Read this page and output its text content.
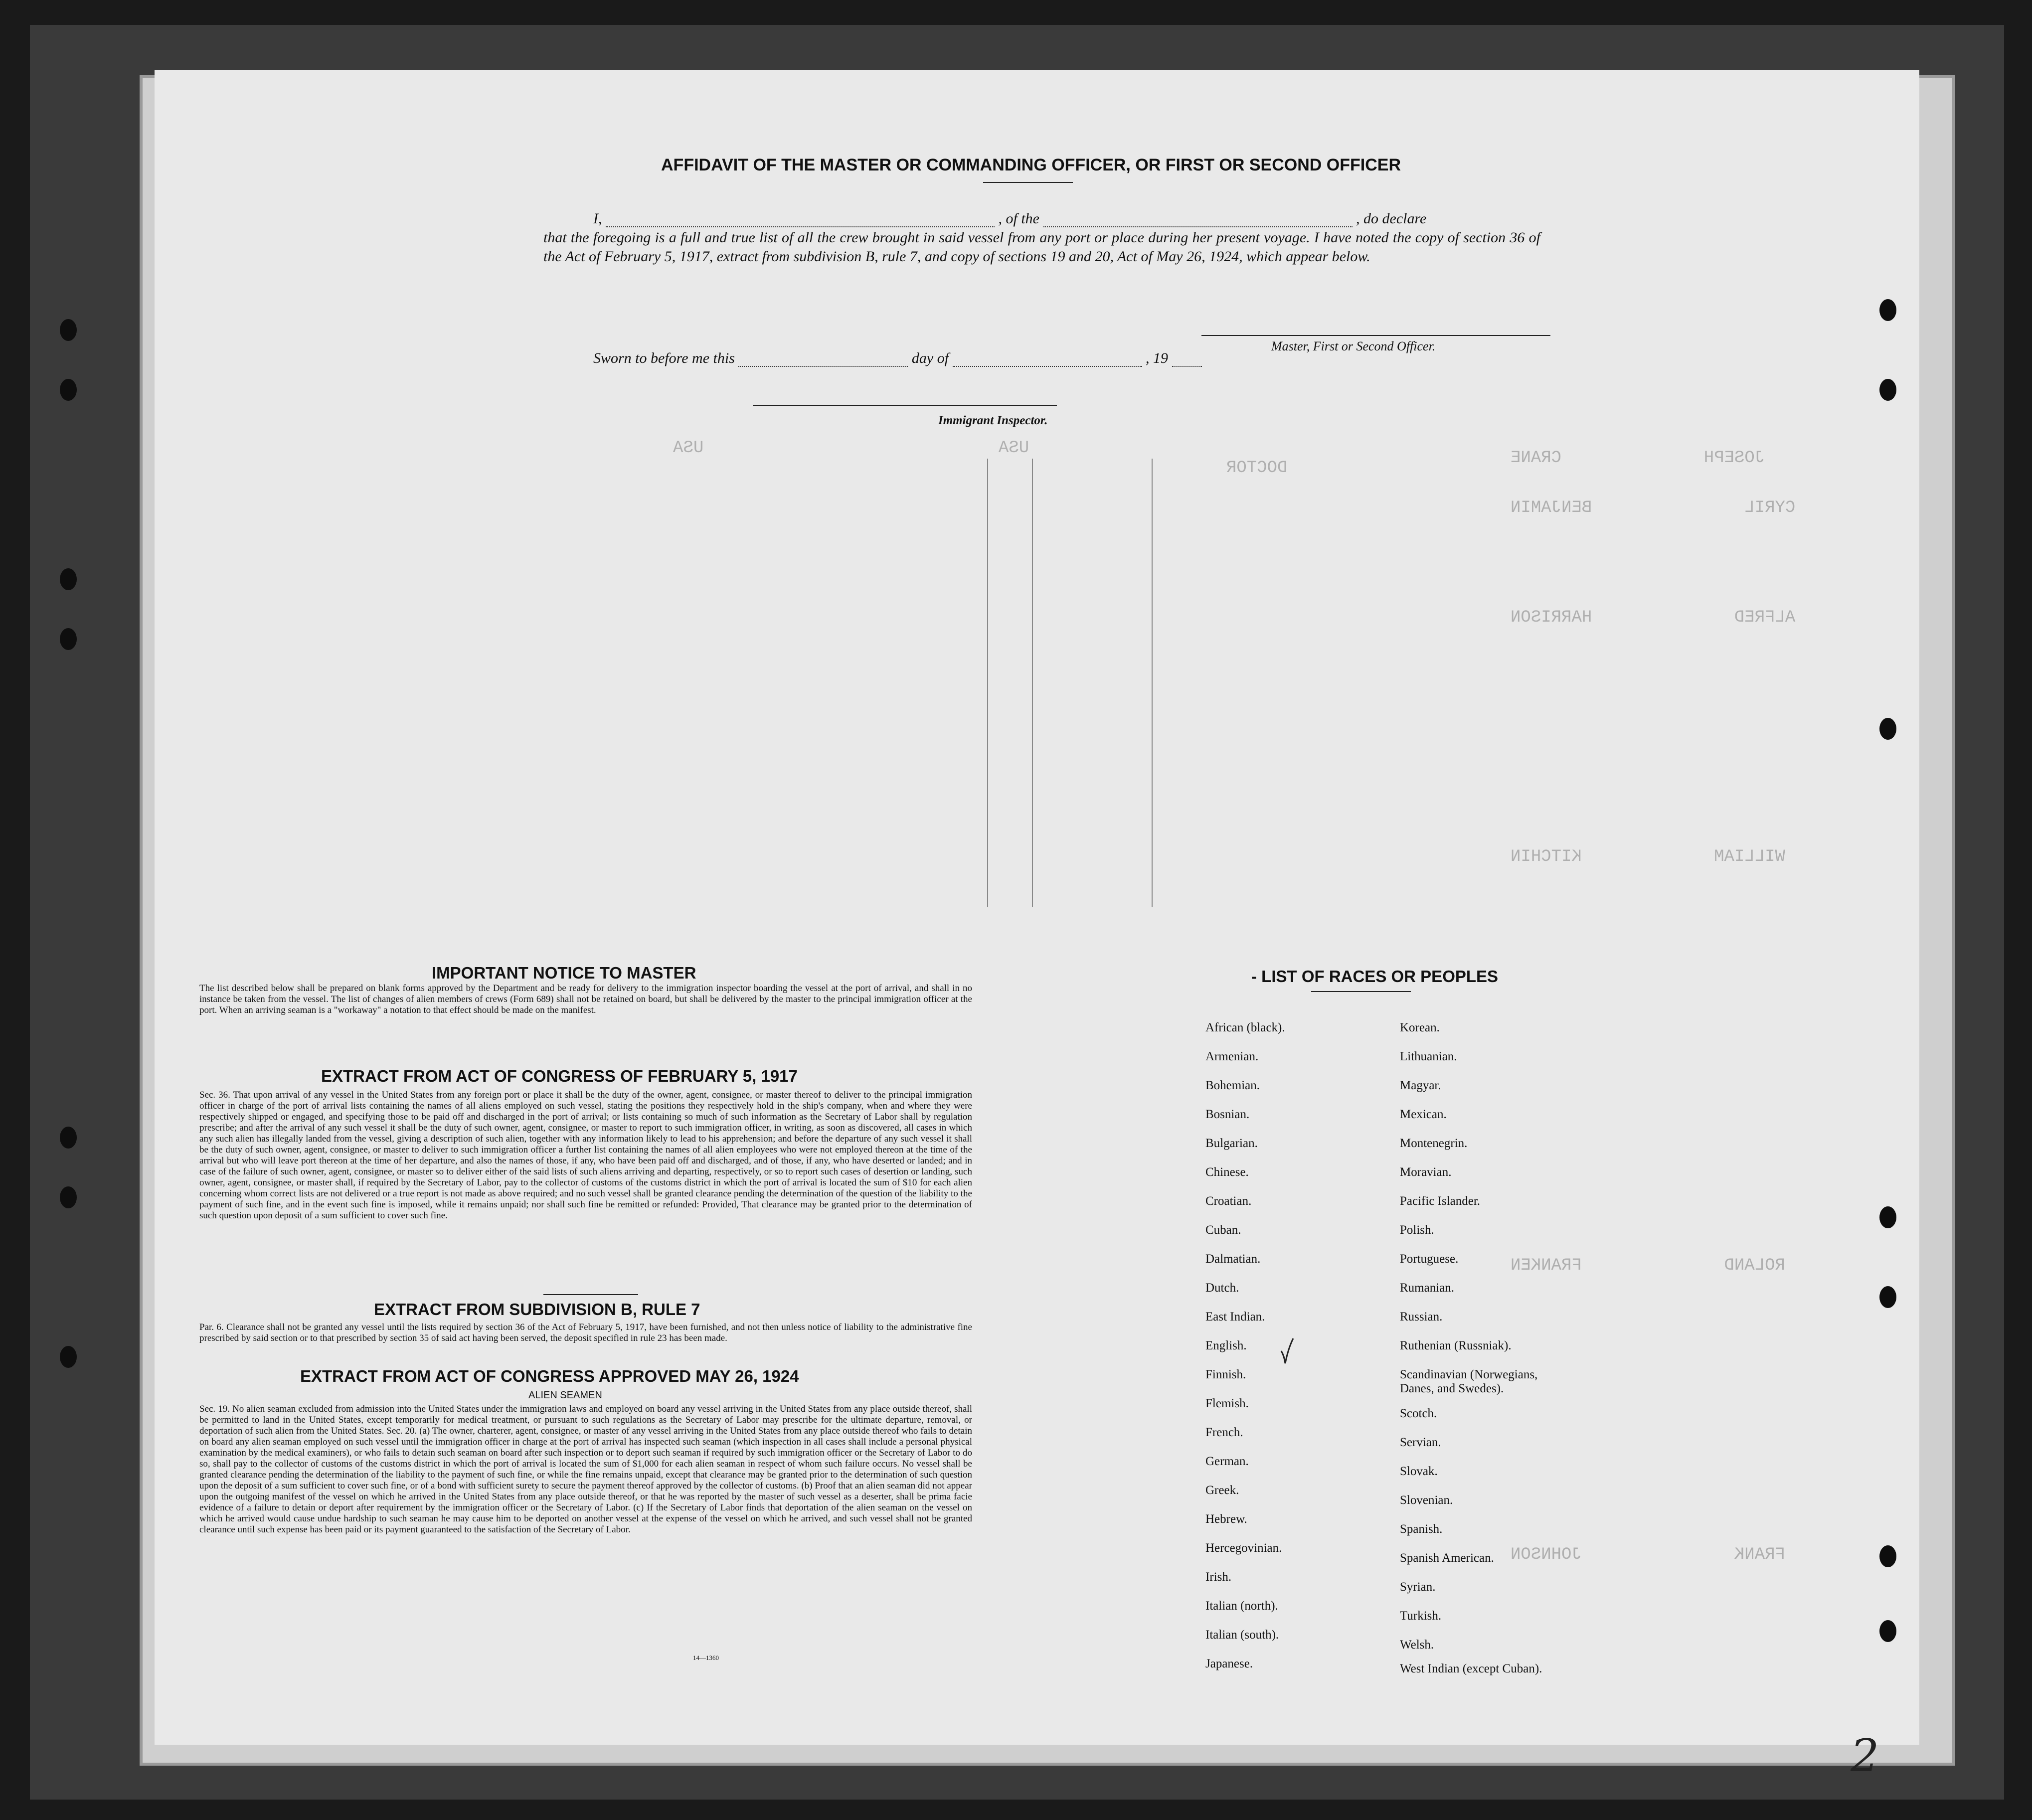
JOSEPH              CRANE
CYRIL               BENJAMIN
ALFRED              HARRISON
WILLIAM             KITCHIN
ROLAND              FRANKEN
FRANK               JOHNSON
DOCTOR
USA                             USA
AFFIDAVIT OF THE MASTER OR COMMANDING OFFICER, OR FIRST OR SECOND OFFICER
I,	, of the	, do declare
that the foregoing is a full and true list of all the crew brought in said vessel from any port or place during her present voyage. I have noted the copy of section 36 of the Act of February 5, 1917, extract from subdivision B, rule 7, and copy of sections 19 and 20, Act of May 26, 1924, which appear below.
Master, First or Second Officer.
Sworn to before me this	day of	, 19
Immigrant Inspector.
IMPORTANT NOTICE TO MASTER
The list described below shall be prepared on blank forms approved by the Department and be ready for delivery to the immigration inspector boarding the vessel at the port of arrival, and shall in no instance be taken from the vessel. The list of changes of alien members of crews (Form 689) shall not be retained on board, but shall be delivered by the master to the principal immigration officer at the port. When an arriving seaman is a "workaway" a notation to that effect should be made on the manifest.
EXTRACT FROM ACT OF CONGRESS OF FEBRUARY 5, 1917
Sec. 36. That upon arrival of any vessel in the United States from any foreign port or place it shall be the duty of the owner, agent, consignee, or master thereof to deliver to the principal immigration officer in charge of the port of arrival lists containing the names of all aliens employed on such vessel, stating the positions they respectively hold in the ship's company, when and where they were respectively shipped or engaged, and specifying those to be paid off and discharged in the port of arrival; or lists containing so much of such information as the Secretary of Labor shall by regulation prescribe; and after the arrival of any such vessel it shall be the duty of such owner, agent, consignee, or master to report to such immigration officer, in writing, as soon as discovered, all cases in which any such alien has illegally landed from the vessel, giving a description of such alien, together with any information likely to lead to his apprehension; and before the departure of any such vessel it shall be the duty of such owner, agent, consignee, or master to deliver to such immigration officer a further list containing the names of all alien employees who were not employed thereon at the time of the arrival but who will leave port thereon at the time of her departure, and also the names of those, if any, who have been paid off and discharged, and of those, if any, who have deserted or landed; and in case of the failure of such owner, agent, consignee, or master so to deliver either of the said lists of such aliens arriving and departing, respectively, or so to report such cases of desertion or landing, such owner, agent, consignee, or master shall, if required by the Secretary of Labor, pay to the collector of customs of the customs district in which the port of arrival is located the sum of $10 for each alien concerning whom correct lists are not delivered or a true report is not made as above required; and no such vessel shall be granted clearance pending the determination of the question of the liability to the payment of such fine, and in the event such fine is imposed, while it remains unpaid; nor shall such fine be remitted or refunded: Provided, That clearance may be granted prior to the determination of such question upon deposit of a sum sufficient to cover such fine.
EXTRACT FROM SUBDIVISION B, RULE 7
Par. 6. Clearance shall not be granted any vessel until the lists required by section 36 of the Act of February 5, 1917, have been furnished, and not then unless notice of liability to the administrative fine prescribed by said section or to that prescribed by section 35 of said act having been served, the deposit specified in rule 23 has been made.
EXTRACT FROM ACT OF CONGRESS APPROVED MAY 26, 1924
ALIEN SEAMEN
Sec. 19. No alien seaman excluded from admission into the United States under the immigration laws and employed on board any vessel arriving in the United States from any place outside thereof, shall be permitted to land in the United States, except temporarily for medical treatment, or pursuant to such regulations as the Secretary of Labor may prescribe for the ultimate departure, removal, or deportation of such alien from the United States. Sec. 20. (a) The owner, charterer, agent, consignee, or master of any vessel arriving in the United States from any place outside thereof who fails to detain on board any alien seaman employed on such vessel until the immigration officer in charge at the port of arrival has inspected such seaman (which inspection in all cases shall include a personal physical examination by the medical examiners), or who fails to detain such seaman on board after such inspection or to deport such seaman if required by such immigration officer or the Secretary of Labor to do so, shall pay to the collector of customs of the customs district in which the port of arrival is located the sum of $1,000 for each alien seaman in respect of whom such failure occurs. No vessel shall be granted clearance pending the determination of the liability to the payment of such fine, or while the fine remains unpaid, except that clearance may be granted prior to the determination of such question upon the deposit of a sum sufficient to cover such fine, or of a bond with sufficient surety to secure the payment thereof approved by the collector of customs. (b) Proof that an alien seaman did not appear upon the outgoing manifest of the vessel on which he arrived in the United States from any place outside thereof, or that he was reported by the master of such vessel as a deserter, shall be prima facie evidence of a failure to detain or deport after requirement by the immigration officer or the Secretary of Labor. (c) If the Secretary of Labor finds that deportation of the alien seaman on the vessel on which he arrived would cause undue hardship to such seaman he may cause him to be deported on another vessel at the expense of the vessel on which he arrived, and such vessel shall not be granted clearance until such expense has been paid or its payment guaranteed to the satisfaction of the Secretary of Labor.
14—1360
- LIST OF RACES OR PEOPLES
African (black).
Armenian.
Bohemian.
Bosnian.
Bulgarian.
Chinese.
Croatian.
Cuban.
Dalmatian.
Dutch.
East Indian.
English.
Finnish.
Flemish.
French.
German.
Greek.
Hebrew.
Hercegovinian.
Irish.
Italian (north).
Italian (south).
Japanese.
Korean.
Lithuanian.
Magyar.
Mexican.
Montenegrin.
Moravian.
Pacific Islander.
Polish.
Portuguese.
Rumanian.
Russian.
Ruthenian (Russniak).
Scandinavian (Norwegians, Danes, and Swedes).
Scotch.
Servian.
Slovak.
Slovenian.
Spanish.
Spanish American.
Syrian.
Turkish.
Welsh.
West Indian (except Cuban).
2
